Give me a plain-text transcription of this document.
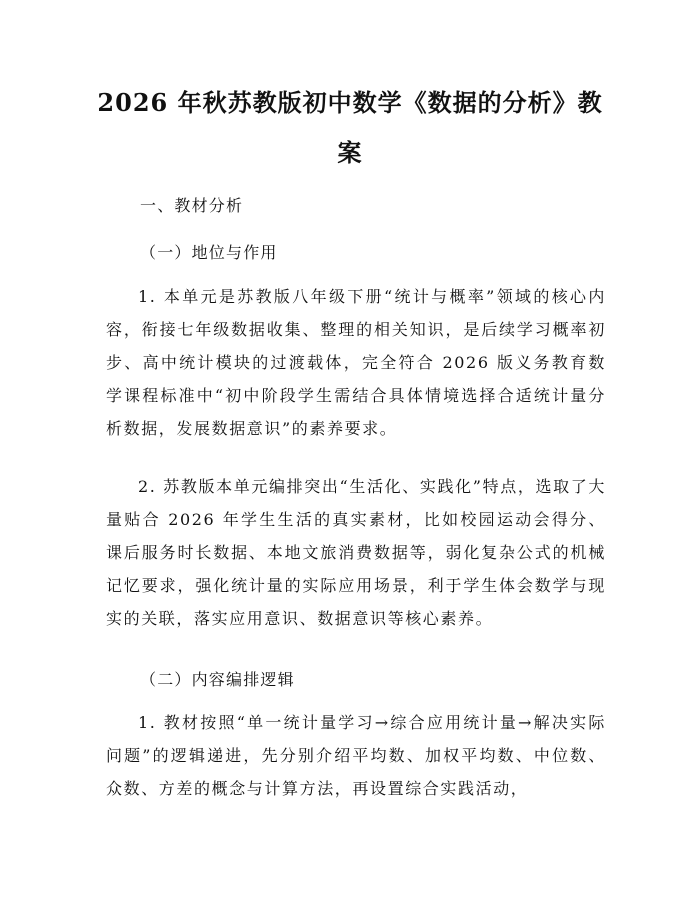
2026 年秋苏教版初中数学《数据的分析》教案
一、教材分析
（一）地位与作用

1. 本单元是苏教版八年级下册“统计与概率”领域的核心内容，衔接七年级数据收集、整理的相关知识，是后续学习概率初步、高中统计模块的过渡载体，完全符合 2026 版义务教育数学课程标准中“初中阶段学生需结合具体情境选择合适统计量分析数据，发展数据意识”的素养要求。

2. 苏教版本单元编排突出“生活化、实践化”特点，选取了大量贴合 2026 年学生生活的真实素材，比如校园运动会得分、课后服务时长数据、本地文旅消费数据等，弱化复杂公式的机械记忆要求，强化统计量的实际应用场景，利于学生体会数学与现实的关联，落实应用意识、数据意识等核心素养。

（二）内容编排逻辑

1. 教材按照“单一统计量学习→综合应用统计量→解决实际问题”的逻辑递进，先分别介绍平均数、加权平均数、中位数、众数、方差的概念与计算方法，再设置综合实践活动，
